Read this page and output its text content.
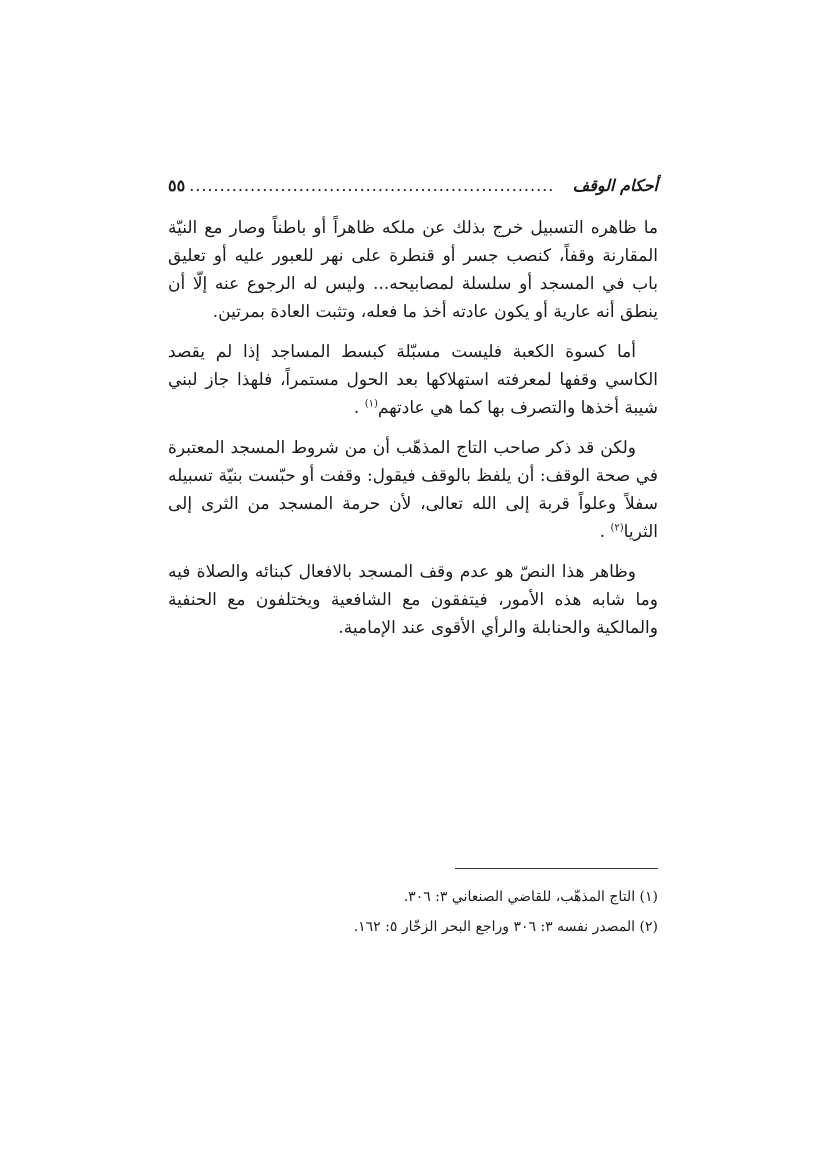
أحكام الوقف
............................................................
٥٥

ما ظاهره التسبيل خرج بذلك عن ملكه ظاهراً أو باطناً وصار مع النيّة المقارنة وقفاً، كنصب جسر أو قنطرة على نهر للعبور عليه أو تعليق باب في المسجد أو سلسلة لمصابيحه... وليس له الرجوع عنه إلّا أن ينطق أنه عارية أو يكون عادته أخذ ما فعله، وتثبت العادة بمرتين.

أما كسوة الكعبة فليست مسبّلة كبسط المساجد إذا لم يقصد الكاسي وقفها لمعرفته استهلاكها بعد الحول مستمراً، فلهذا جاز لبني شيبة أخذها والتصرف بها كما هي عادتهم$^{(١)}$ .

ولكن قد ذكر صاحب التاج المذهّب أن من شروط المسجد المعتبرة في صحة الوقف: أن يلفظ بالوقف فيقول: وقفت أو حبّست بنيّة تسبيله سفلاً وعلواً قربة إلى الله تعالى، لأن حرمة المسجد من الثرى إلى الثريا$^{(٢)}$ .

وظاهر هذا النصّ هو عدم وقف المسجد بالافعال كبنائه والصلاة فيه وما شابه هذه الأمور، فيتفقون مع الشافعية ويختلفون مع الحنفية والمالكية والحنابلة والرأي الأقوى عند الإمامية.

(١) التاج المذهّب، للقاضي الصنعاني ٣: ٣٠٦.

(٢) المصدر نفسه ٣: ٣٠٦ وراجع البحر الزخّار ٥: ١٦٢.
